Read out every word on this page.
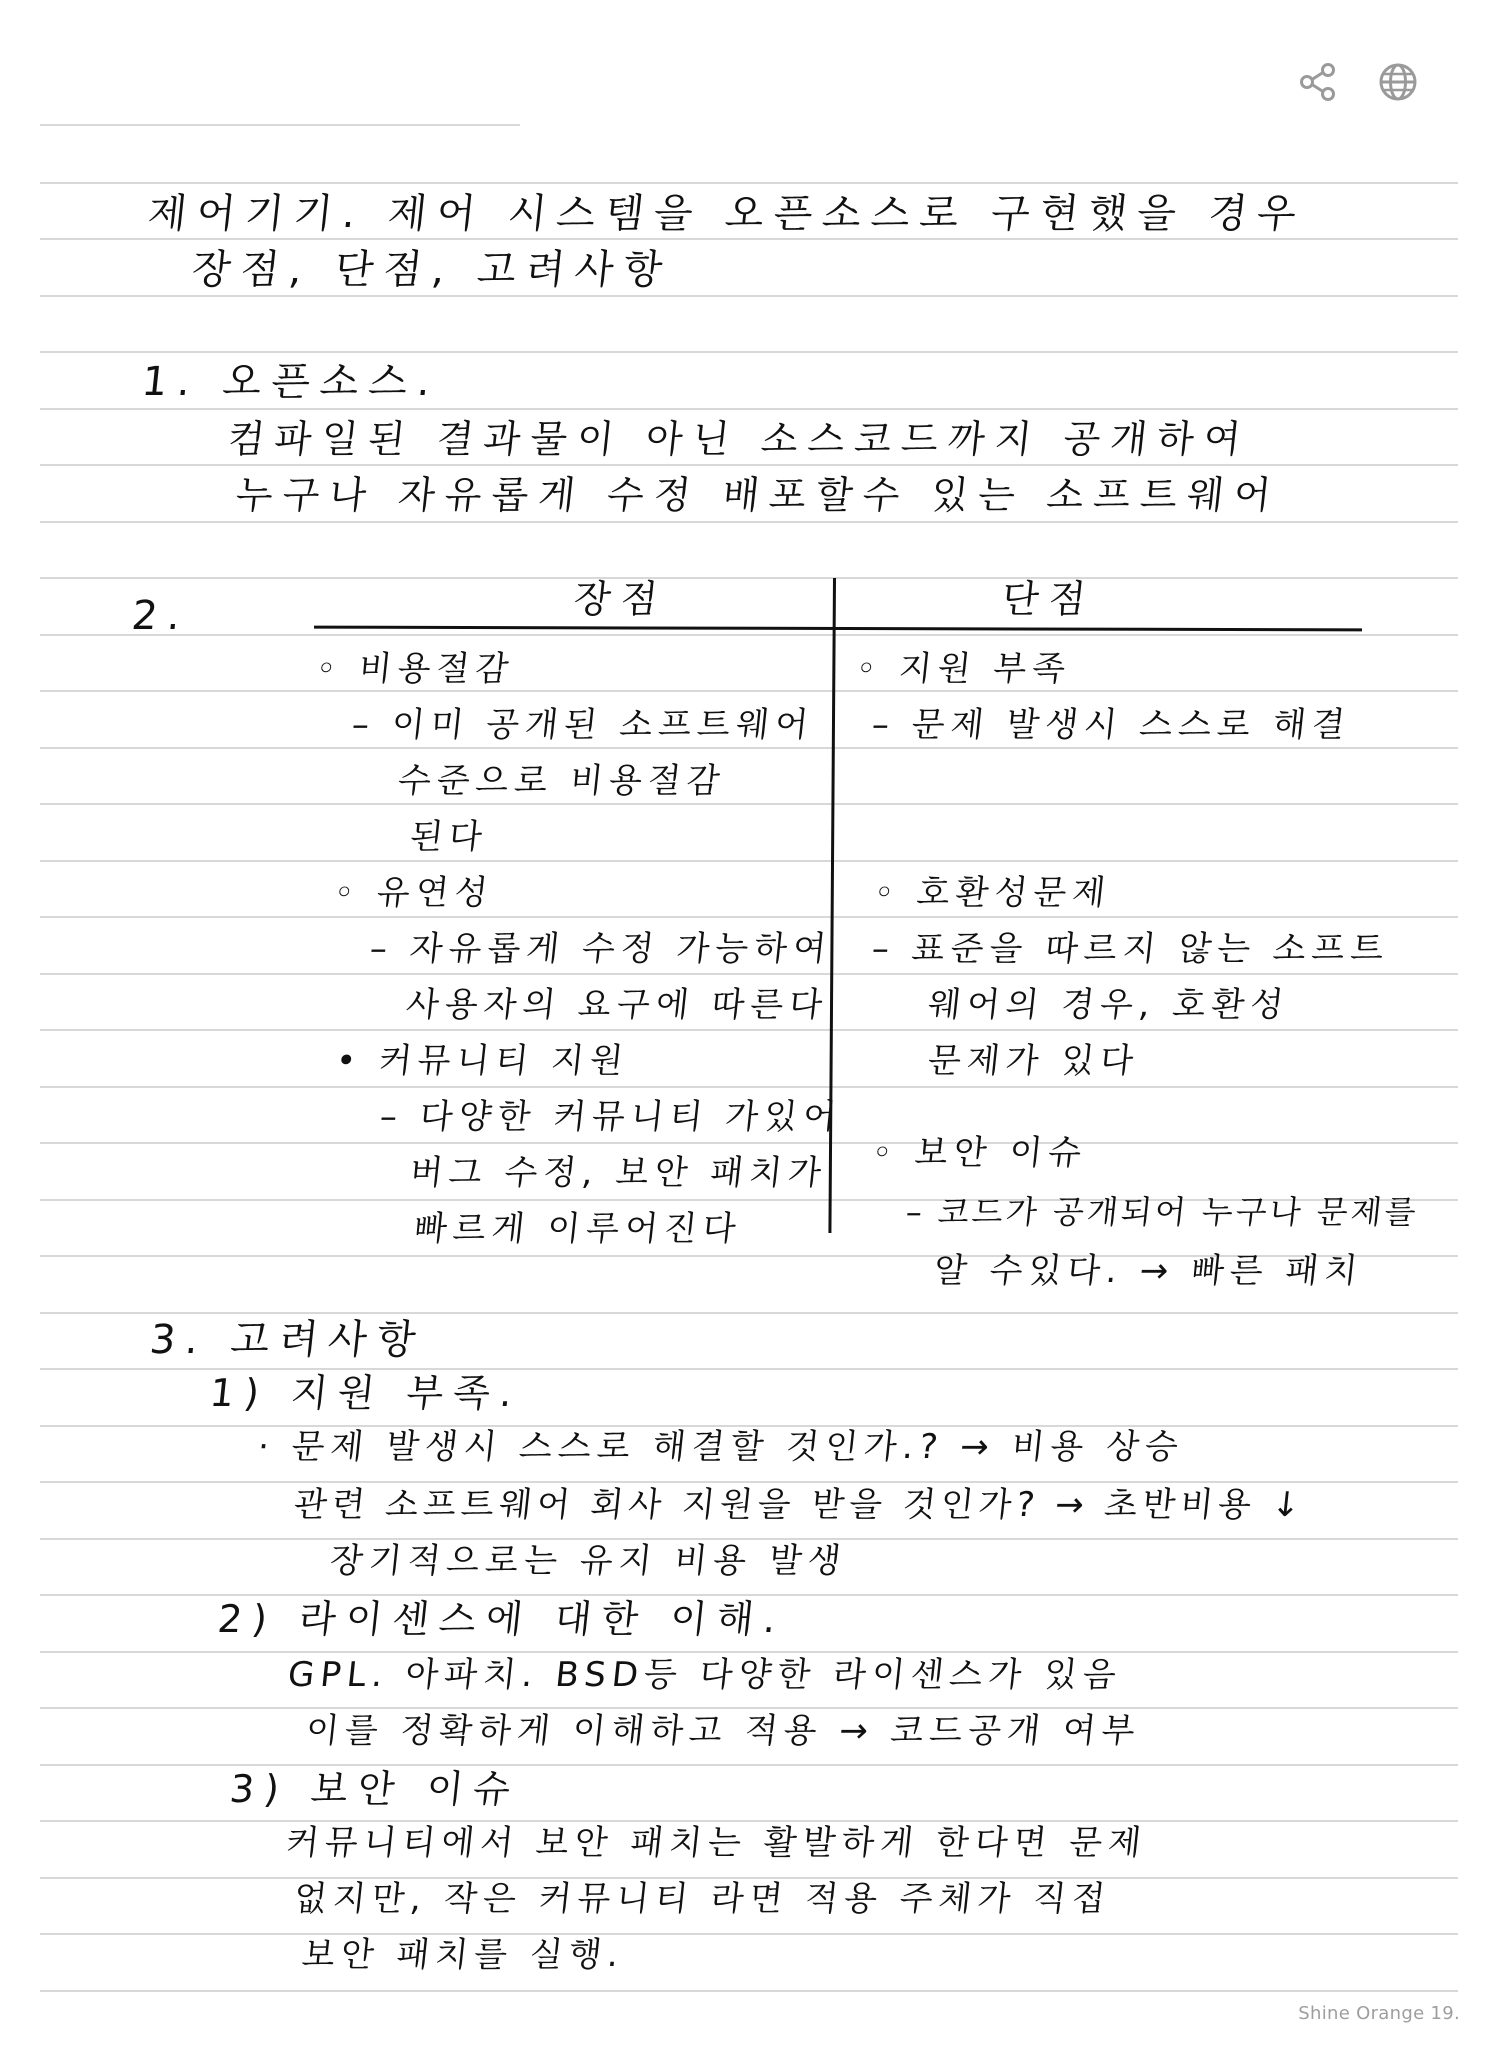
제어기기. 제어 시스템을 오픈소스로 구현했을 경우
장점, 단점, 고려사항
1. 오픈소스.
컴파일된 결과물이 아닌 소스코드까지 공개하여
누구나 자유롭게 수정 배포할수 있는 소프트웨어
2.	장점	단점
◦ 비용절감
– 이미 공개된 소프트웨어
수준으로 비용절감
된다
◦ 유연성
– 자유롭게 수정 가능하여
사용자의 요구에 따른다
• 커뮤니티 지원
– 다양한 커뮤니티 가있어
버그 수정, 보안 패치가
빠르게 이루어진다
◦ 지원 부족
– 문제 발생시 스스로 해결
◦ 호환성문제
– 표준을 따르지 않는 소프트
웨어의 경우, 호환성
문제가 있다
◦ 보안 이슈
– 코드가 공개되어 누구나 문제를
알 수있다. → 빠른 패치
3. 고려사항
1) 지원 부족.
· 문제 발생시 스스로 해결할 것인가.? → 비용 상승
관련 소프트웨어 회사 지원을 받을 것인가? → 초반비용 ↓
장기적으로는 유지 비용 발생
2) 라이센스에 대한 이해.
GPL. 아파치. BSD등 다양한 라이센스가 있음
이를 정확하게 이해하고 적용 → 코드공개 여부
3) 보안 이슈
커뮤니티에서 보안 패치는 활발하게 한다면 문제
없지만, 작은 커뮤니티 라면 적용 주체가 직접
보안 패치를 실행.
Shine Orange 19.
